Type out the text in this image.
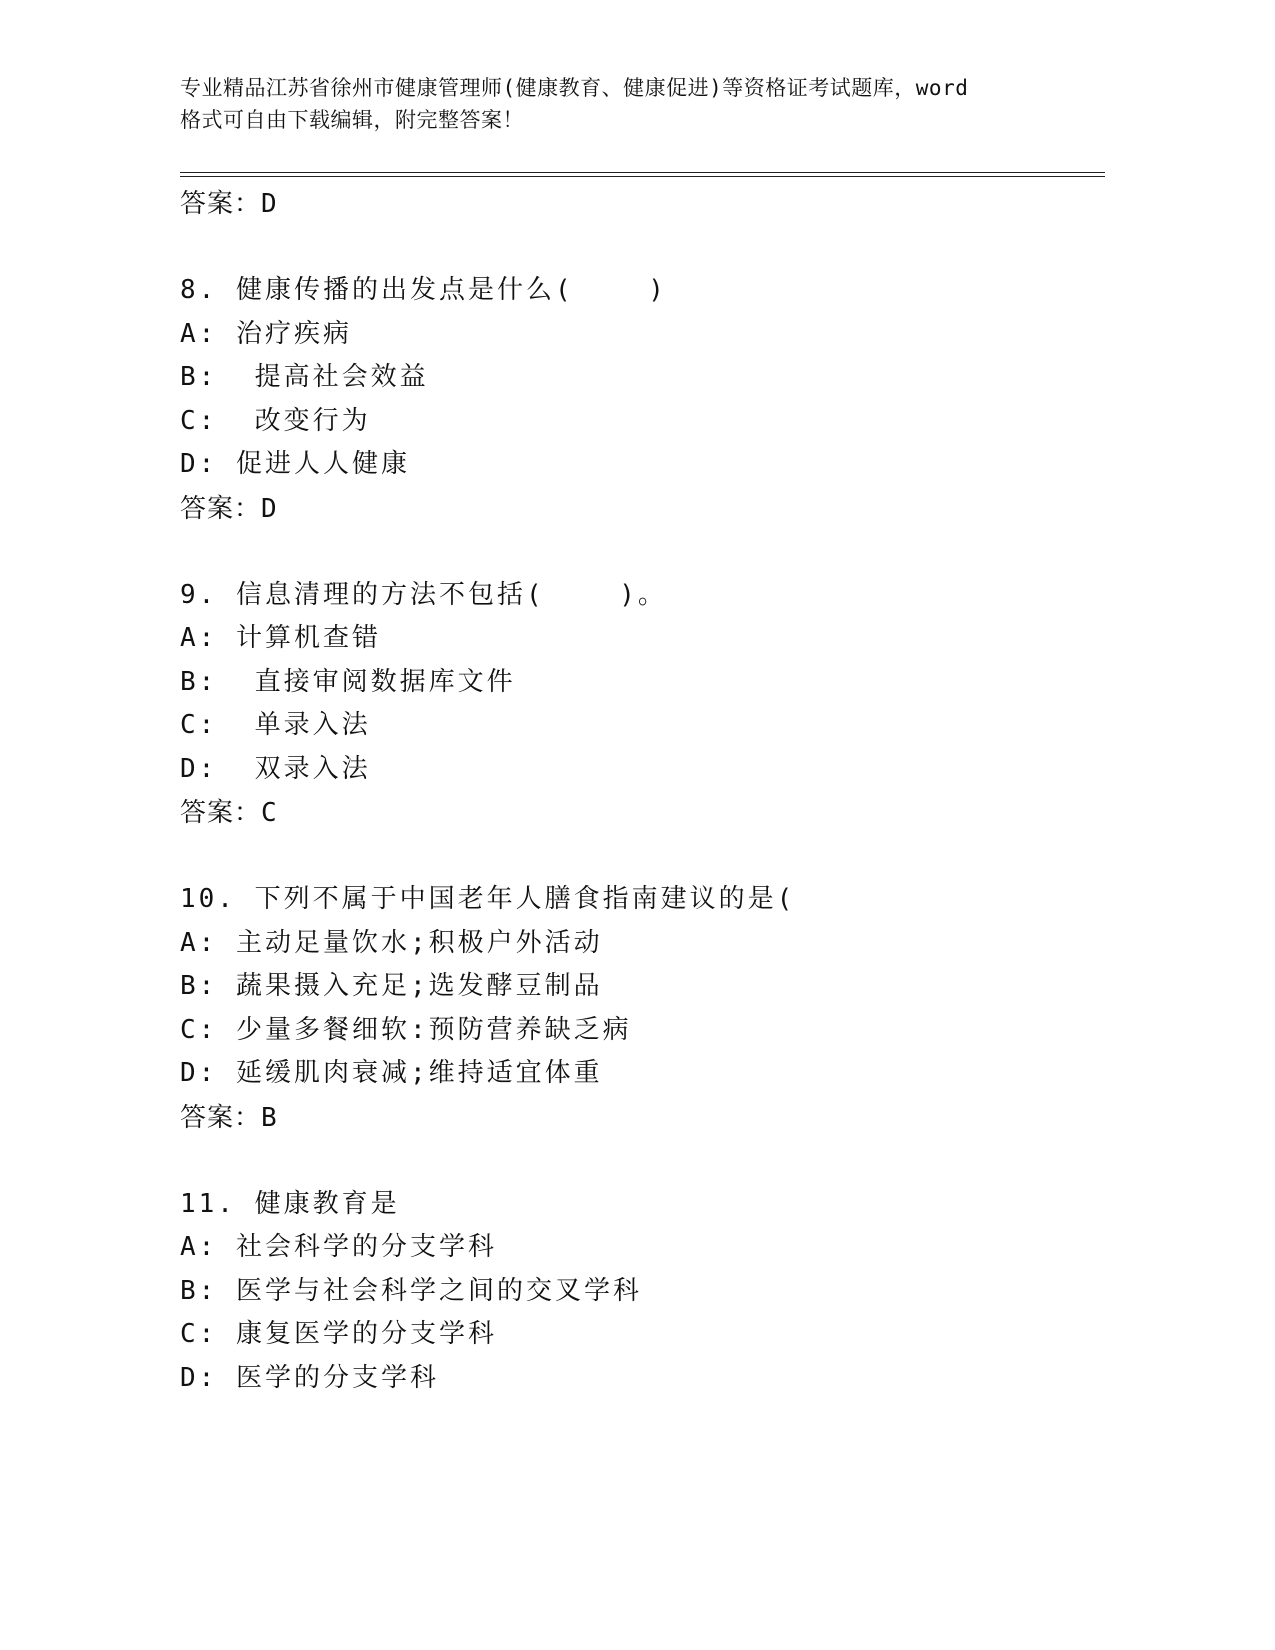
专业精品江苏省徐州市健康管理师(健康教育、健康促进)等资格证考试题库，word
格式可自由下载编辑，附完整答案！
答案：D
8. 健康传播的出发点是什么(    )
A: 治疗疾病
B:  提高社会效益
C:  改变行为
D: 促进人人健康
答案：D
9. 信息清理的方法不包括(    )。
A: 计算机查错
B:  直接审阅数据库文件
C:  单录入法
D:  双录入法
答案：C
10. 下列不属于中国老年人膳食指南建议的是(
A: 主动足量饮水;积极户外活动
B: 蔬果摄入充足;选发酵豆制品
C: 少量多餐细软:预防营养缺乏病
D: 延缓肌肉衰减;维持适宜体重
答案：B
11. 健康教育是
A: 社会科学的分支学科
B: 医学与社会科学之间的交叉学科
C: 康复医学的分支学科
D: 医学的分支学科
